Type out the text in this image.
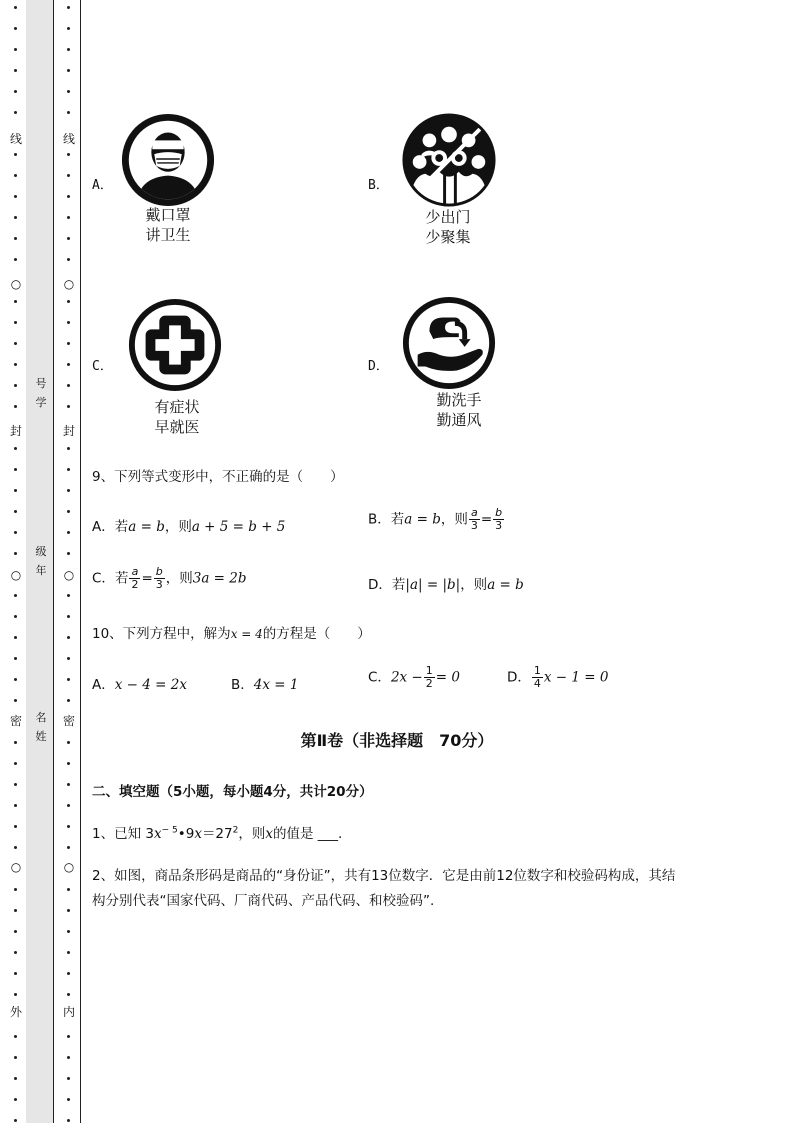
线
○
封
○
密
○
外
线
○
封
○
密
○
内
号
学
级
年
名
姓
A．
戴口罩
讲卫生
B．
少出门
少聚集
C．
有症状
早就医
D．
勤洗手
勤通风
9、下列等式变形中，不正确的是（　　）
A．若a = b，则a + 5 = b + 5	B．若a = b，则 $\frac{a}{3} = \frac{b}{3}$
C．若 $\frac{a}{2} = \frac{b}{3}$ ，则3a = 2b	D．若|a| = |b|，则a = b
10、下列方程中，解为x = 4的方程是（　　）
A．x − 4 = 2x	B．4x = 1	C．$2x - \frac{1}{2} = 0$	D． $\frac{1}{4}$ x − 1 = 0
第Ⅱ卷（非选择题　70分）
二、填空题（5小题，每小题4分，共计20分）
1、已知 $3x^{- 5}•9x=27^2$，则x的值是 ___.
2、如图，商品条形码是商品的“身份证”，共有13位数字．它是由前12位数字和校验码构成，其结
构分别代表“国家代码、厂商代码、产品代码、和校验码”.
